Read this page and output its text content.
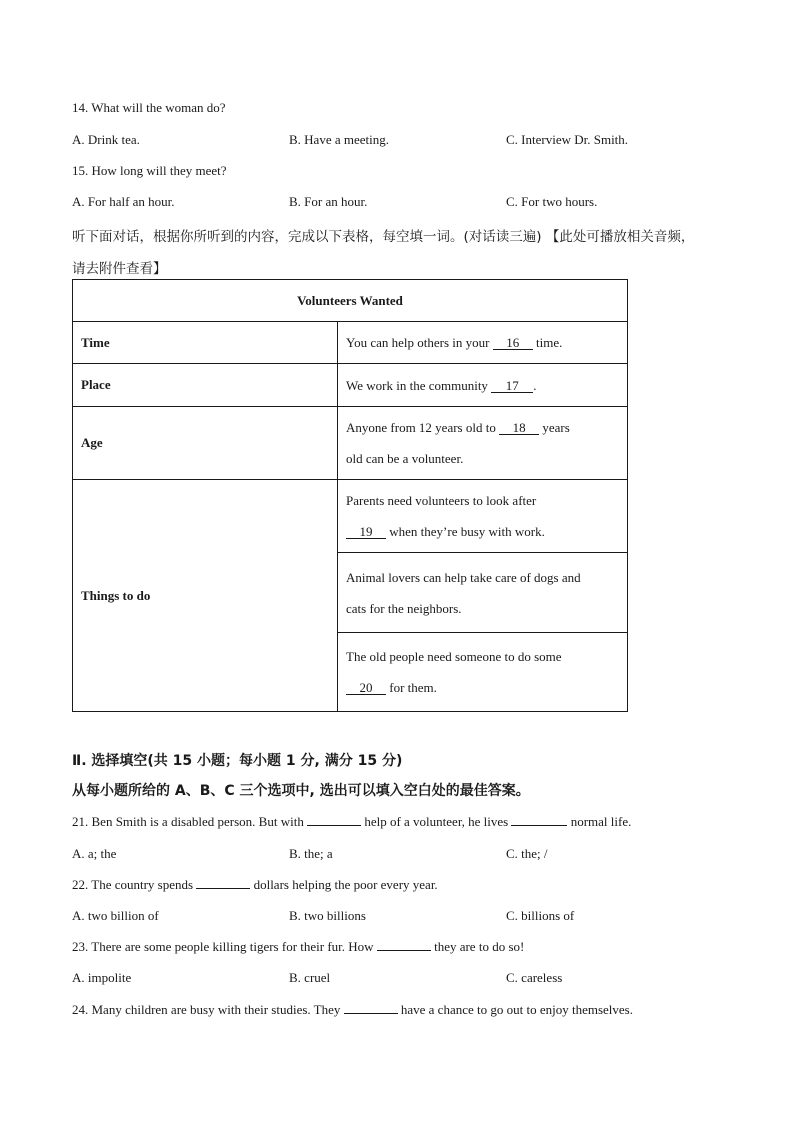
14. What will the woman do?
A. Drink tea.	B. Have a meeting.	C. Interview Dr. Smith.
15. How long will they meet?
A. For half an hour.	B. For an hour.	C. For two hours.
听下面对话，根据你所听到的内容，完成以下表格，每空填一词。(对话读三遍) 【此处可播放相关音频，
请去附件查看】
Volunteers Wanted	
Time	You can help others in your 16 time.
Place	We work in the community 17 .
Age	Anyone from 12 years old to 18 years
old can be a volunteer.

Things to do	Parents need volunteers to look after
19 when they’re busy with work.

	Animal lovers can help take care of dogs and
cats for the neighbors.

	The old people need someone to do some
20 for them.
Ⅱ. 选择填空(共 15 小题；每小题 1 分, 满分 15 分)
从每小题所给的 A、B、C 三个选项中, 选出可以填入空白处的最佳答案。
21. Ben Smith is a disabled person. But with	help of a volunteer, he lives	normal life.
A. a; the	B. the; a	C. the; /
22. The country spends	dollars helping the poor every year.
A. two billion of	B. two billions	C. billions of
23. There are some people killing tigers for their fur. How	they are to do so!
A. impolite	B. cruel	C. careless
24. Many children are busy with their studies. They	have a chance to go out to enjoy themselves.
